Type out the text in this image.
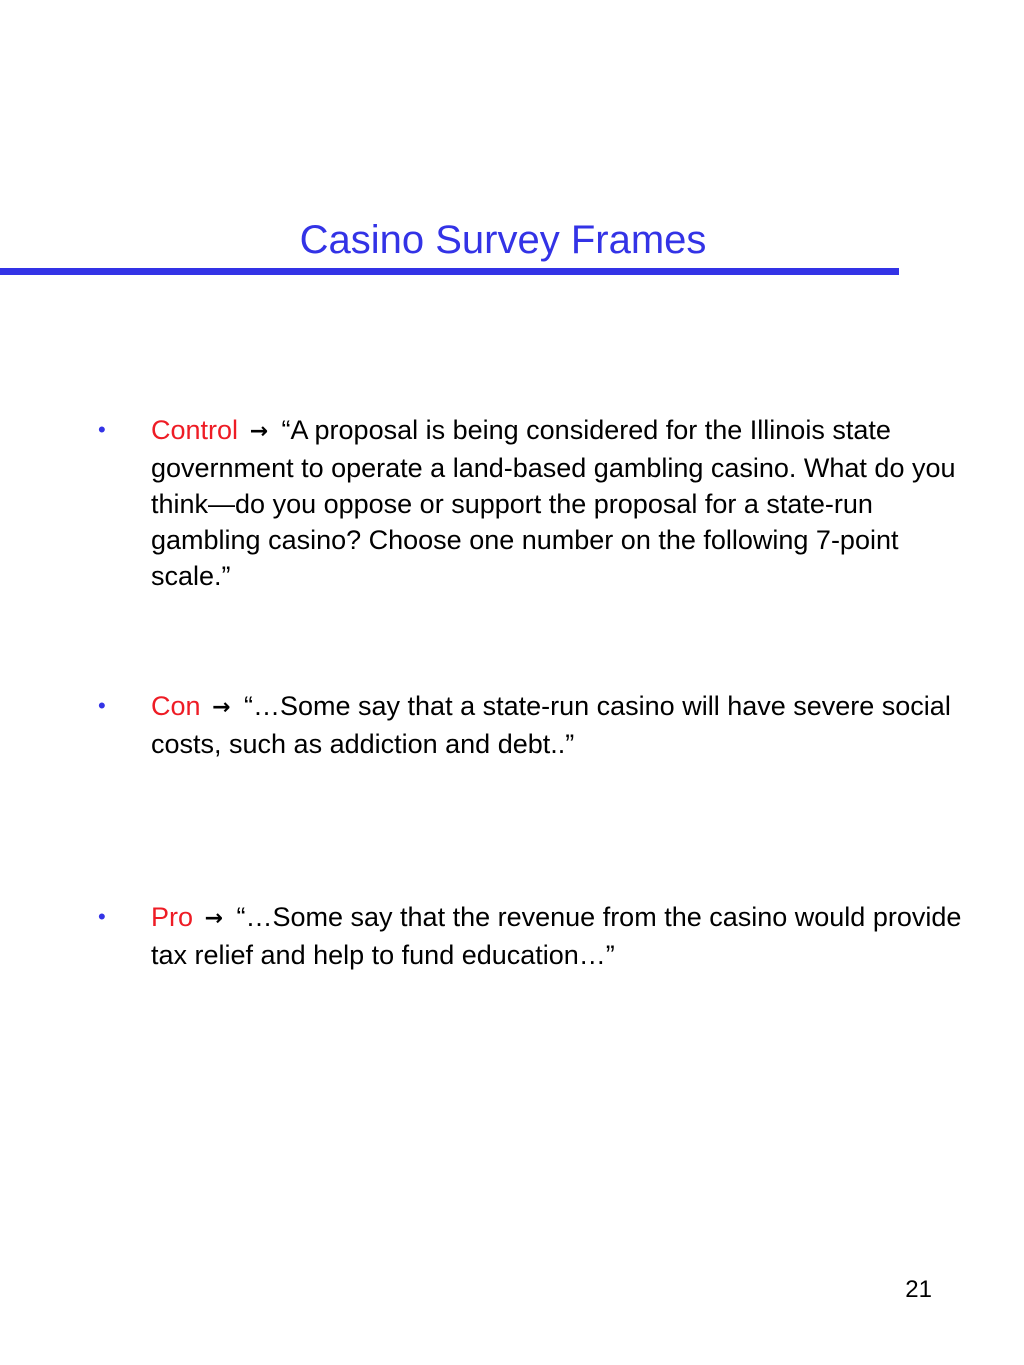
Casino Survey Frames
• Control → “A proposal is being considered for the Illinois state government to operate a land-based gambling casino. What do you think—do you oppose or support the proposal for a state-run gambling casino? Choose one number on the following 7-point scale.”
• Con → “…Some say that a state-run casino will have severe social costs, such as addiction and debt..”
• Pro → “…Some say that the revenue from the casino would provide tax relief and help to fund education…”
21
